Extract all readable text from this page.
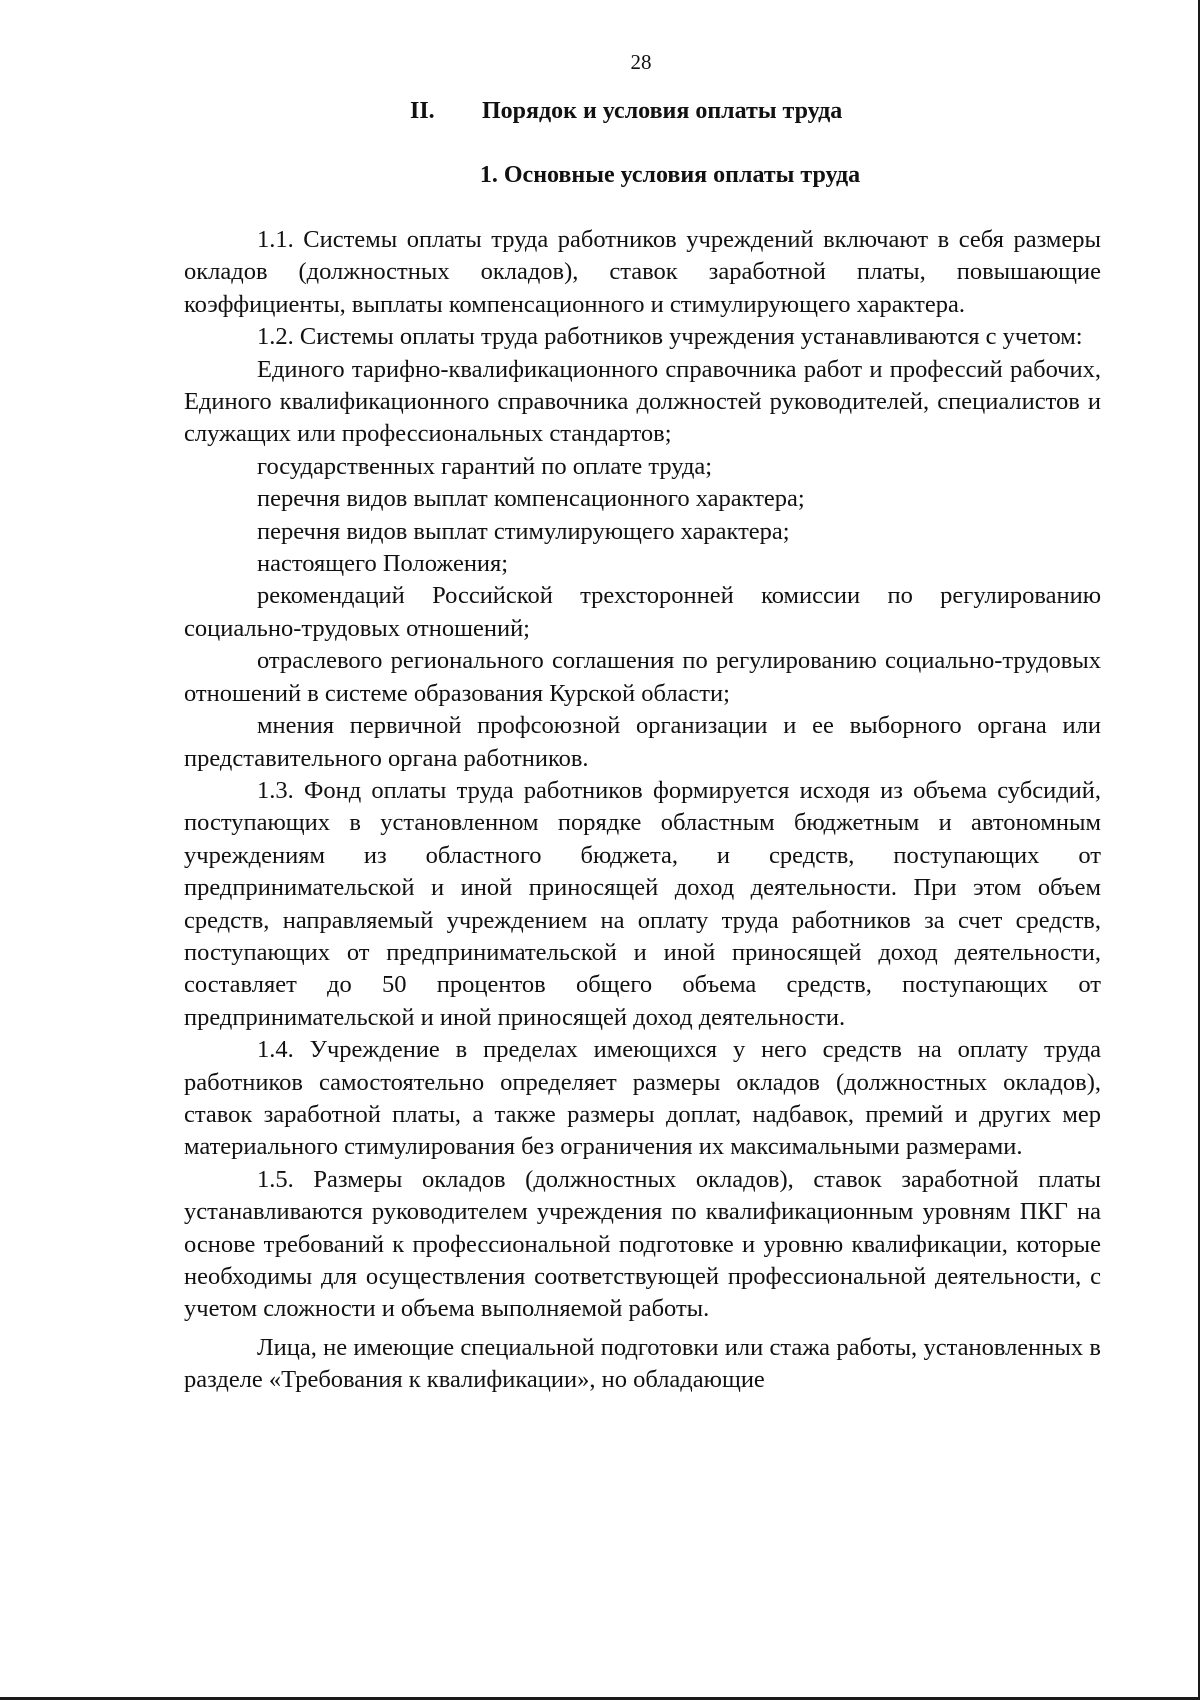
28
II. Порядок и условия оплаты труда
1. Основные условия оплаты труда

1.1. Системы оплаты труда работников учреждений включают в себя размеры окладов (должностных окладов), ставок заработной платы, повышающие коэффициенты, выплаты компенсационного и стимулирующего характера.

1.2. Системы оплаты труда работников учреждения устанавливаются с учетом:

Единого тарифно-квалификационного справочника работ и профессий рабочих, Единого квалификационного справочника должностей руководителей, специалистов и служащих или профессиональных стандартов;

государственных гарантий по оплате труда;

перечня видов выплат компенсационного характера;

перечня видов выплат стимулирующего характера;

настоящего Положения;

рекомендаций Российской трехсторонней комиссии по регулированию социально-трудовых отношений;

отраслевого регионального соглашения по регулированию социально-трудовых отношений в системе образования Курской области;

мнения первичной профсоюзной организации и ее выборного органа или представительного органа работников.

1.3. Фонд оплаты труда работников формируется исходя из объема субсидий, поступающих в установленном порядке областным бюджетным и автономным учреждениям из областного бюджета, и средств, поступающих от предпринимательской и иной приносящей доход деятельности. При этом объем средств, направляемый учреждением на оплату труда работников за счет средств, поступающих от предпринимательской и иной приносящей доход деятельности, составляет до 50 процентов общего объема средств, поступающих от предпринимательской и иной приносящей доход деятельности.

1.4. Учреждение в пределах имеющихся у него средств на оплату труда работников самостоятельно определяет размеры окладов (должностных окладов), ставок заработной платы, а также размеры доплат, надбавок, премий и других мер материального стимулирования без ограничения их максимальными размерами.

1.5. Размеры окладов (должностных окладов), ставок заработной платы устанавливаются руководителем учреждения по квалификационным уровням ПКГ на основе требований к профессиональной подготовке и уровню квалификации, которые необходимы для осуществления соответствующей профессиональной деятельности, с учетом сложности и объема выполняемой работы.

Лица, не имеющие специальной подготовки или стажа работы, установленных в разделе «Требования к квалификации», но обладающие
